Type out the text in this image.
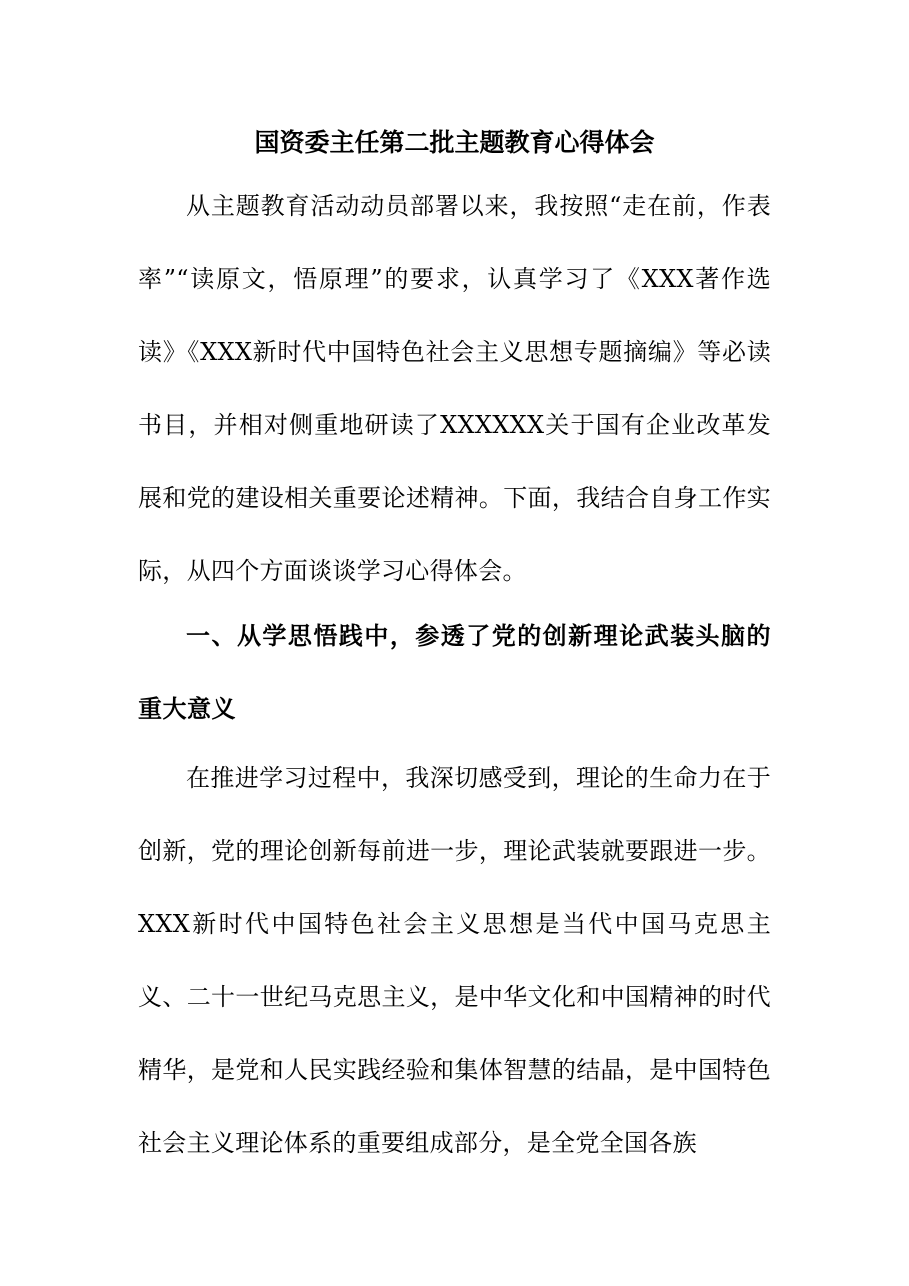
国资委主任第二批主题教育心得体会
从主题教育活动动员部署以来，我按照“走在前，作表率”“读原文，悟原理”的要求，认真学习了《XXX著作选读》《XXX新时代中国特色社会主义思想专题摘编》等必读书目，并相对侧重地研读了XXXXXX关于国有企业改革发展和党的建设相关重要论述精神。下面，我结合自身工作实际，从四个方面谈谈学习心得体会。
一、从学思悟践中，参透了党的创新理论武装头脑的重大意义
在推进学习过程中，我深切感受到，理论的生命力在于创新，党的理论创新每前进一步，理论武装就要跟进一步。XXX新时代中国特色社会主义思想是当代中国马克思主义、二十一世纪马克思主义，是中华文化和中国精神的时代精华，是党和人民实践经验和集体智慧的结晶，是中国特色社会主义理论体系的重要组成部分，是全党全国各族
